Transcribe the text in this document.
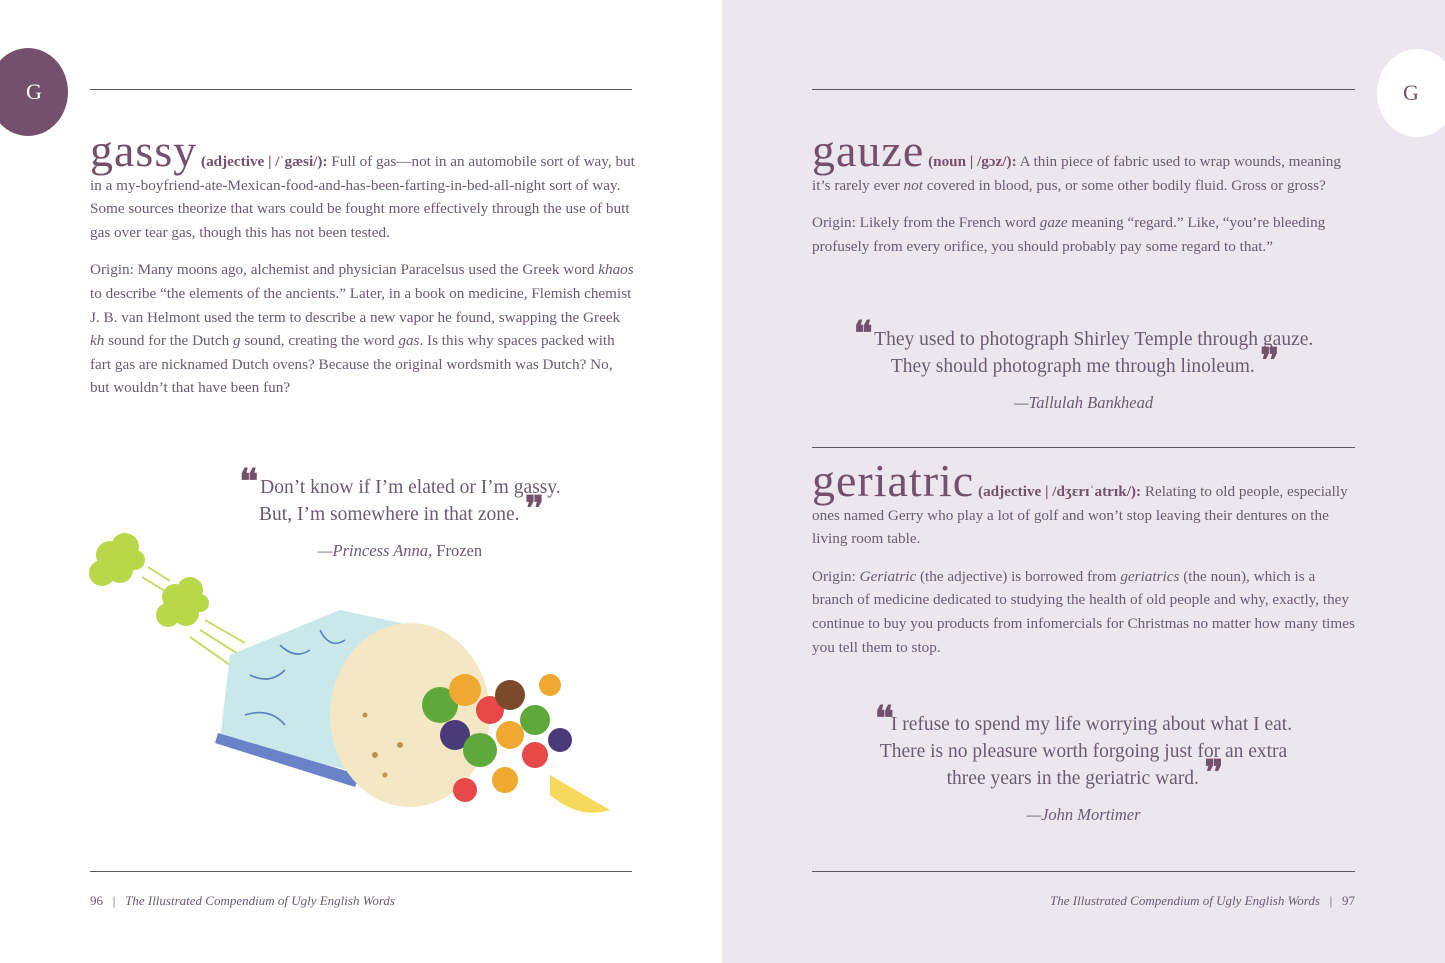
G

gassy (adjective | /ˈgæsi/): Full of gas—not in an automobile sort of way, but in a my-boyfriend-ate-Mexican-food-and-has-been-farting-in-bed-all-night sort of way. Some sources theorize that wars could be fought more effectively through the use of butt gas over tear gas, though this has not been tested.

Origin: Many moons ago, alchemist and physician Paracelsus used the Greek word khaos to describe “the elements of the ancients.” Later, in a book on medicine, Flemish chemist J. B. van Helmont used the term to describe a new vapor he found, swapping the Greek kh sound for the Dutch g sound, creating the word gas. Is this why spaces packed with fart gas are nicknamed Dutch ovens? Because the original wordsmith was Dutch? No, but wouldn’t that have been fun?

❛❛ Don’t know if I’m elated or I’m gassy.
But, I’m somewhere in that zone. ❜❜
—Princess Anna, Frozen
96 | The Illustrated Compendium of Ugly English Words
G

gauze (noun | /gɔz/): A thin piece of fabric used to wrap wounds, meaning it’s rarely ever not covered in blood, pus, or some other bodily fluid. Gross or gross?

Origin: Likely from the French word gaze meaning “regard.” Like, “you’re bleeding profusely from every orifice, you should probably pay some regard to that.”

❛❛ They used to photograph Shirley Temple through gauze.
They should photograph me through linoleum. ❜❜
—Tallulah Bankhead

geriatric (adjective | /dʒɛrɪˈatrɪk/): Relating to old people, especially ones named Gerry who play a lot of golf and won’t stop leaving their dentures on the living room table.

Origin: Geriatric (the adjective) is borrowed from geriatrics (the noun), which is a branch of medicine dedicated to studying the health of old people and why, exactly, they continue to buy you products from infomercials for Christmas no matter how many times you tell them to stop.

❛❛I refuse to spend my life worrying about what I eat.
There is no pleasure worth forgoing just for an extra
three years in the geriatric ward. ❜❜
—John Mortimer
The Illustrated Compendium of Ugly English Words | 97
